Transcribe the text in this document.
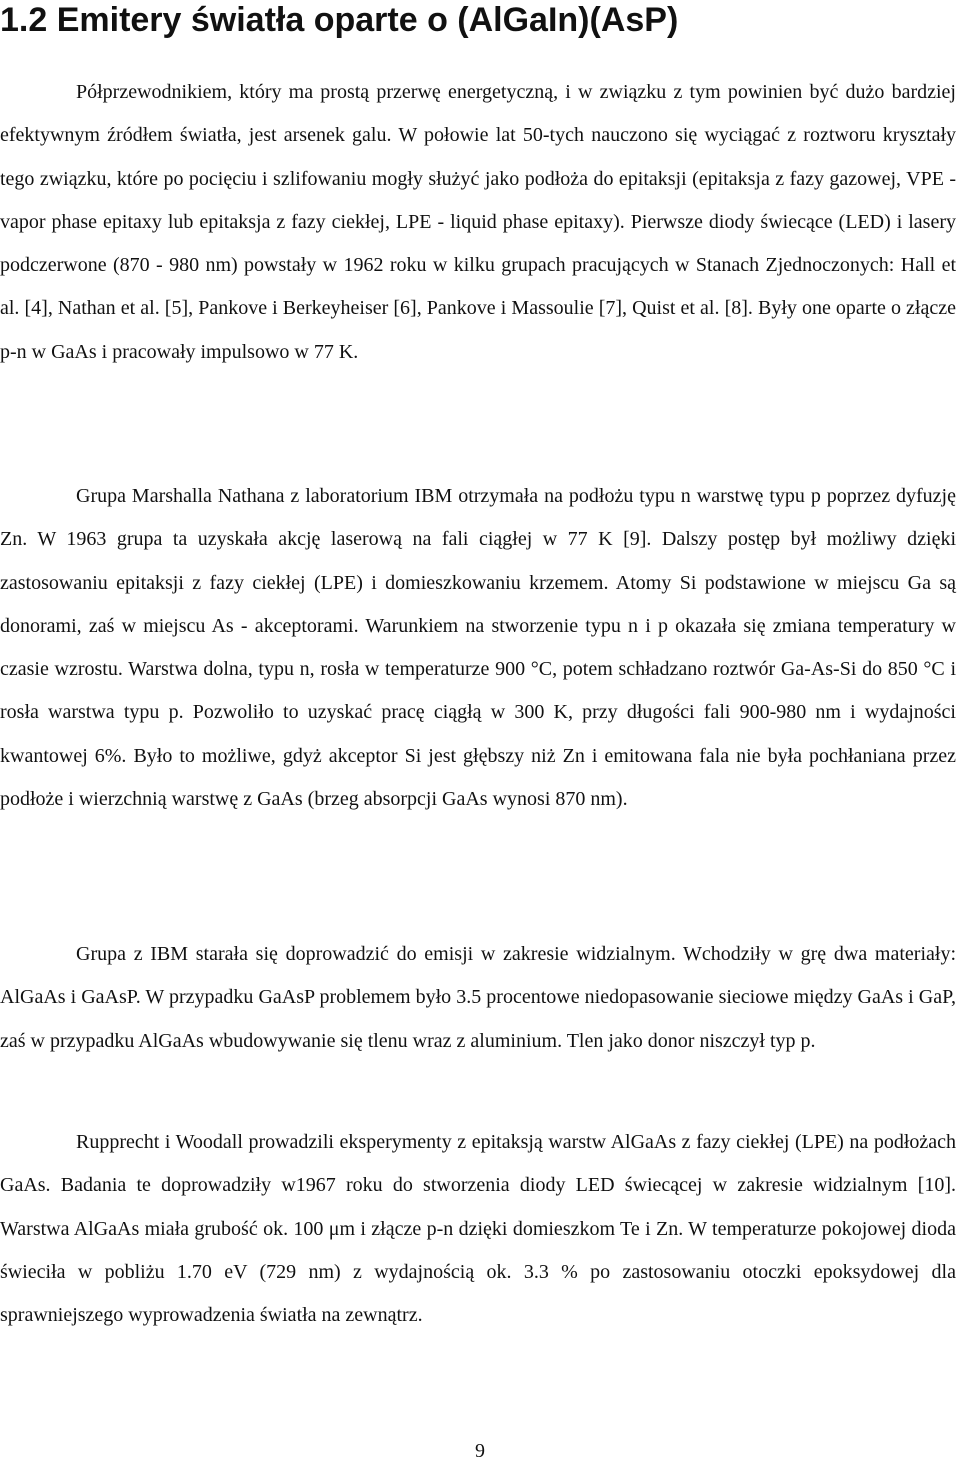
1.2 Emitery światła oparte o (AlGaIn)(AsP)

Półprzewodnikiem, który ma prostą przerwę energetyczną, i w związku z tym powinien być dużo bardziej efektywnym źródłem światła, jest arsenek galu. W połowie lat 50-tych nauczono się wyciągać z roztworu kryształy tego związku, które po pocięciu i szlifowaniu mogły służyć jako podłoża do epitaksji (epitaksja z fazy gazowej, VPE - vapor phase epitaxy lub epitaksja z fazy ciekłej, LPE - liquid phase epitaxy). Pierwsze diody świecące (LED) i lasery podczerwone (870 - 980 nm) powstały w 1962 roku w kilku grupach pracujących w Stanach Zjednoczonych: Hall et al. [4], Nathan et al. [5], Pankove i Berkeyheiser [6], Pankove i Massoulie [7], Quist et al. [8]. Były one oparte o złącze p-n w GaAs i pracowały impulsowo w 77 K.

Grupa Marshalla Nathana z laboratorium IBM otrzymała na podłożu typu n warstwę typu p poprzez dyfuzję Zn. W 1963 grupa ta uzyskała akcję laserową na fali ciągłej w 77 K [9]. Dalszy postęp był możliwy dzięki zastosowaniu epitaksji z fazy ciekłej (LPE) i domieszkowaniu krzemem. Atomy Si podstawione w miejscu Ga są donorami, zaś w miejscu As - akceptorami. Warunkiem na stworzenie typu n i p okazała się zmiana temperatury w czasie wzrostu. Warstwa dolna, typu n, rosła w temperaturze 900 °C, potem schładzano roztwór Ga-As-Si do 850 °C i rosła warstwa typu p. Pozwoliło to uzyskać pracę ciągłą w 300 K, przy długości fali 900-980 nm i wydajności kwantowej 6%. Było to możliwe, gdyż akceptor Si jest głębszy niż Zn i emitowana fala nie była pochłaniana przez podłoże i wierzchnią warstwę z GaAs (brzeg absorpcji GaAs wynosi 870 nm).

Grupa z IBM starała się doprowadzić do emisji w zakresie widzialnym. Wchodziły w grę dwa materiały: AlGaAs i GaAsP. W przypadku GaAsP problemem było 3.5 procentowe niedopasowanie sieciowe między GaAs i GaP, zaś w przypadku AlGaAs wbudowywanie się tlenu wraz z aluminium. Tlen jako donor niszczył typ p.

Rupprecht i Woodall prowadzili eksperymenty z epitaksją warstw AlGaAs z fazy ciekłej (LPE) na podłożach GaAs. Badania te doprowadziły w1967 roku do stworzenia diody LED świecącej w zakresie widzialnym [10]. Warstwa AlGaAs miała grubość ok. 100 μm i złącze p-n dzięki domieszkom Te i Zn. W temperaturze pokojowej dioda świeciła w pobliżu 1.70 eV (729 nm) z wydajnością ok. 3.3 % po zastosowaniu otoczki epoksydowej dla sprawniejszego wyprowadzenia światła na zewnątrz.

9
